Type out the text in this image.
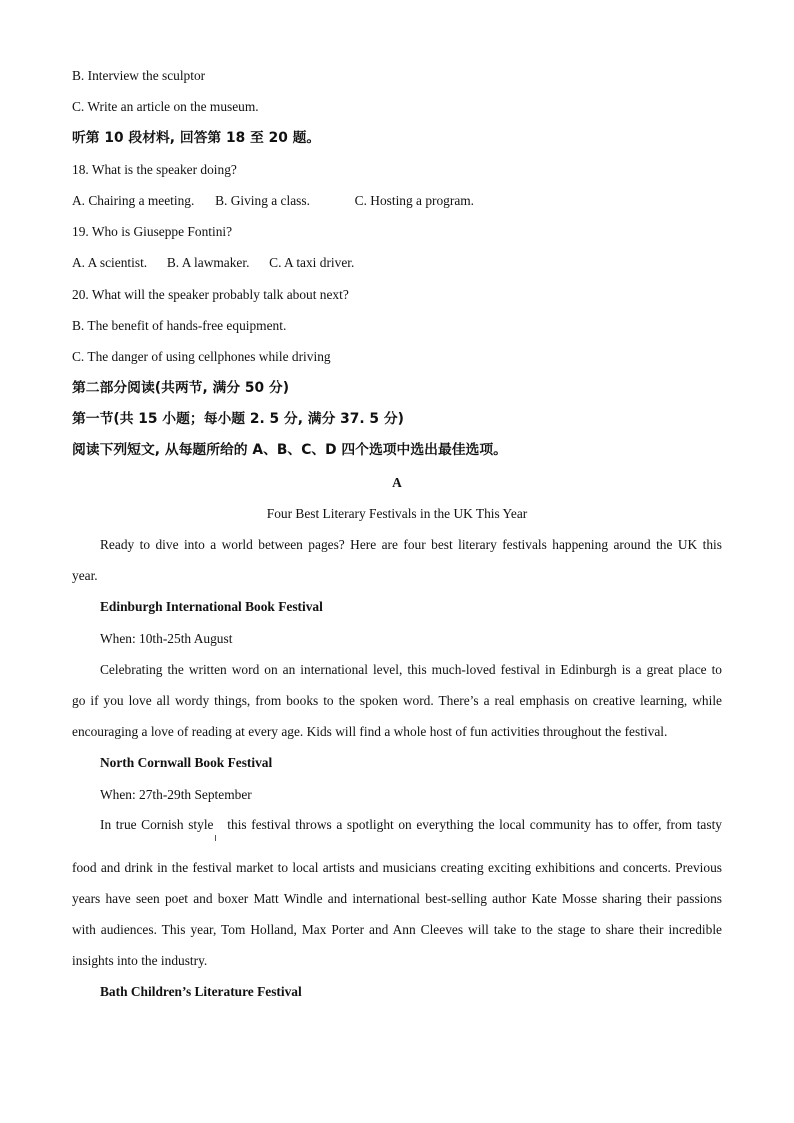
B. Interview the sculptor
C. Write an article on the museum.
听第 10 段材料, 回答第 18 至 20 题。
18. What is the speaker doing?
A. Chairing a meeting. B. Giving a class.	C. Hosting a program.
19. Who is Giuseppe Fontini?
A. A scientist. B. A lawmaker. C. A taxi driver.
20. What will the speaker probably talk about next?
B. The benefit of hands-free equipment.
C. The danger of using cellphones while driving
第二部分阅读(共两节, 满分 50 分)
第一节(共 15 小题；每小题 2. 5 分, 满分 37. 5 分)
阅读下列短文, 从每题所给的 A、B、C、D 四个选项中选出最佳选项。
A
Four Best Literary Festivals in the UK This Year
Ready to dive into a world between pages? Here are four best literary festivals happening around the UK this
year.
Edinburgh International Book Festival
When: 10th-25th August
Celebrating the written word on an international level, this much-loved festival in Edinburgh is a great place to
go if you love all wordy things, from books to the spoken word. There’s a real emphasis on creative learning, while
encouraging a love of reading at every age. Kids will find a whole host of fun activities throughout the festival.
North Cornwall Book Festival
When: 27th-29th September
In true Cornish style   this festival throws a spotlight on everything the local community has to offer, from tasty
food and drink in the festival market to local artists and musicians creating exciting exhibitions and concerts. Previous
years have seen poet and boxer Matt Windle and international best-selling author Kate Mosse sharing their passions
with audiences. This year, Tom Holland, Max Porter and Ann Cleeves will take to the stage to share their incredible
insights into the industry.
Bath Children’s Literature Festival
